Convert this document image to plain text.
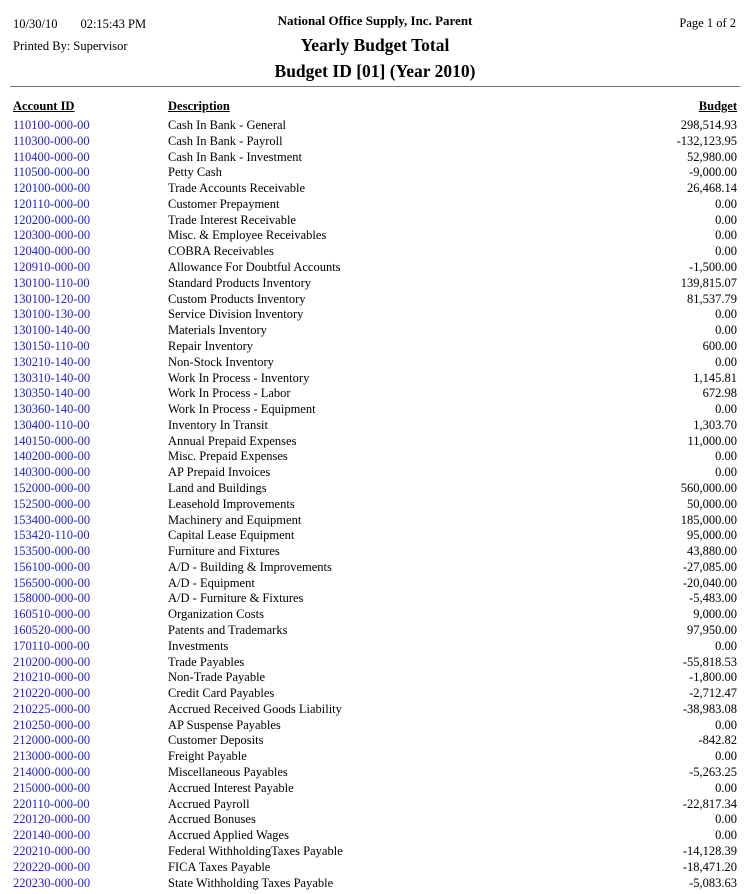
10/30/10 02:15:43 PM
Printed By: Supervisor
National Office Supply, Inc. Parent
Yearly Budget Total
Budget ID [01] (Year 2010)
Page 1 of 2
Account ID	Description	Budget
110100-000-00	Cash In Bank - General	298,514.93
110300-000-00	Cash In Bank - Payroll	-132,123.95
110400-000-00	Cash In Bank - Investment	52,980.00
110500-000-00	Petty Cash	-9,000.00
120100-000-00	Trade Accounts Receivable	26,468.14
120110-000-00	Customer Prepayment	0.00
120200-000-00	Trade Interest Receivable	0.00
120300-000-00	Misc. & Employee Receivables	0.00
120400-000-00	COBRA Receivables	0.00
120910-000-00	Allowance For Doubtful Accounts	-1,500.00
130100-110-00	Standard Products Inventory	139,815.07
130100-120-00	Custom Products Inventory	81,537.79
130100-130-00	Service Division Inventory	0.00
130100-140-00	Materials Inventory	0.00
130150-110-00	Repair Inventory	600.00
130210-140-00	Non-Stock Inventory	0.00
130310-140-00	Work In Process - Inventory	1,145.81
130350-140-00	Work In Process - Labor	672.98
130360-140-00	Work In Process - Equipment	0.00
130400-110-00	Inventory In Transit	1,303.70
140150-000-00	Annual Prepaid Expenses	11,000.00
140200-000-00	Misc. Prepaid Expenses	0.00
140300-000-00	AP Prepaid Invoices	0.00
152000-000-00	Land and Buildings	560,000.00
152500-000-00	Leasehold Improvements	50,000.00
153400-000-00	Machinery and Equipment	185,000.00
153420-110-00	Capital Lease Equipment	95,000.00
153500-000-00	Furniture and Fixtures	43,880.00
156100-000-00	A/D - Building & Improvements	-27,085.00
156500-000-00	A/D - Equipment	-20,040.00
158000-000-00	A/D - Furniture & Fixtures	-5,483.00
160510-000-00	Organization Costs	9,000.00
160520-000-00	Patents and Trademarks	97,950.00
170110-000-00	Investments	0.00
210200-000-00	Trade Payables	-55,818.53
210210-000-00	Non-Trade Payable	-1,800.00
210220-000-00	Credit Card Payables	-2,712.47
210225-000-00	Accrued Received Goods Liability	-38,983.08
210250-000-00	AP Suspense Payables	0.00
212000-000-00	Customer Deposits	-842.82
213000-000-00	Freight Payable	0.00
214000-000-00	Miscellaneous Payables	-5,263.25
215000-000-00	Accrued Interest Payable	0.00
220110-000-00	Accrued Payroll	-22,817.34
220120-000-00	Accrued Bonuses	0.00
220140-000-00	Accrued Applied Wages	0.00
220210-000-00	Federal WithholdingTaxes Payable	-14,128.39
220220-000-00	FICA Taxes Payable	-18,471.20
220230-000-00	State Withholding Taxes Payable	-5,083.63
